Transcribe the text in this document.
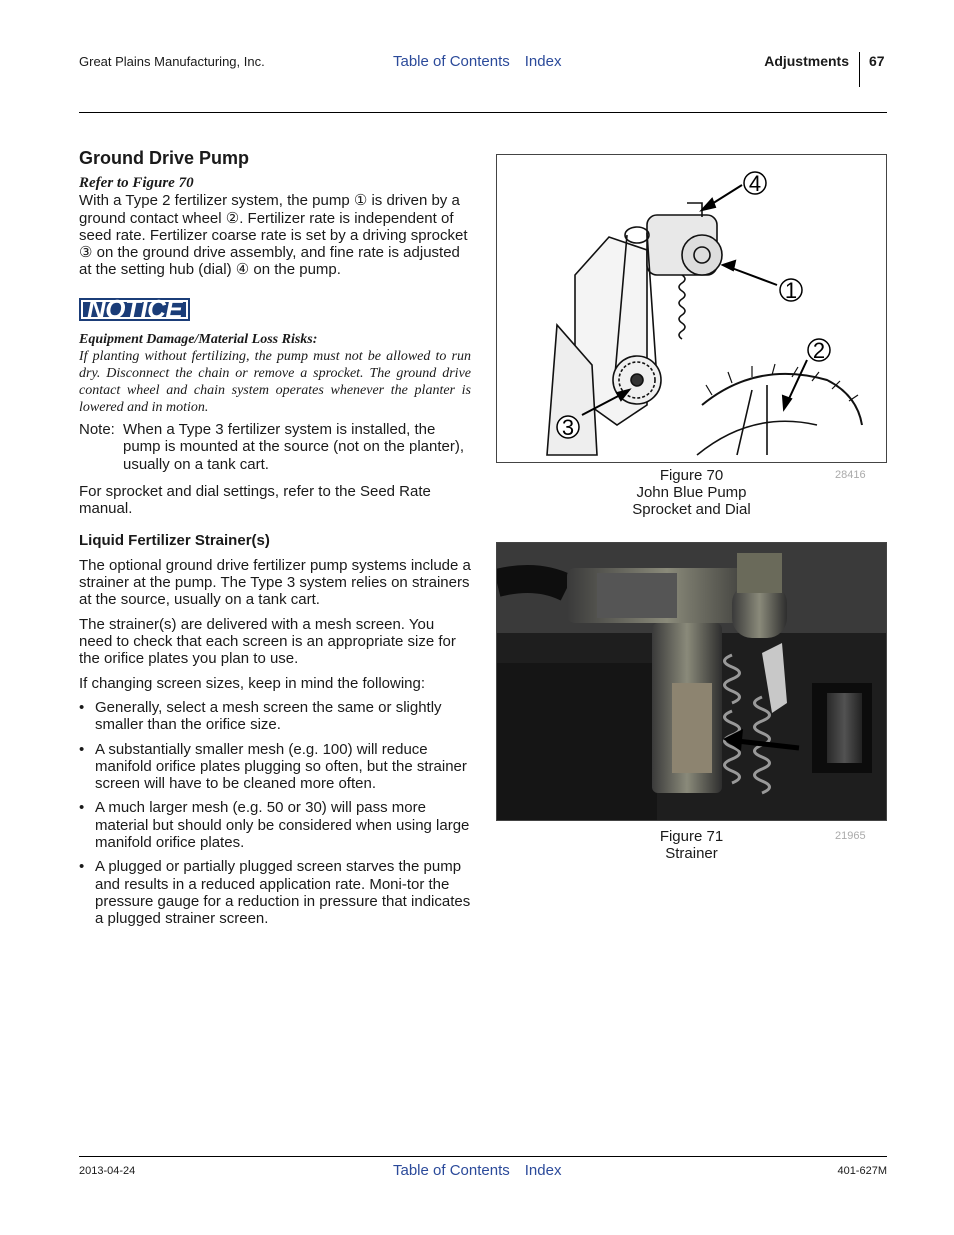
Great Plains Manufacturing, Inc.	Table of Contents Index	Adjustments 67
Ground Drive Pump
Refer to Figure 70

With a Type 2 fertilizer system, the pump ① is driven by a ground contact wheel ②. Fertilizer rate is independent of seed rate. Fertilizer coarse rate is set by a driving sprocket ③ on the ground drive assembly, and fine rate is adjusted at the setting hub (dial) ④ on the pump.

NOTICE
Equipment Damage/Material Loss Risks:

If planting without fertilizing, the pump must not be allowed to run dry. Disconnect the chain or remove a sprocket. The ground drive contact wheel and chain system operates whenever the planter is lowered and in motion.

Note: When a Type 3 fertilizer system is installed, the pump is mounted at the source (not on the planter), usually on a tank cart.

For sprocket and dial settings, refer to the Seed Rate manual.

Liquid Fertilizer Strainer(s)

The optional ground drive fertilizer pump systems include a strainer at the pump. The Type 3 system relies on strainers at the source, usually on a tank cart.

The strainer(s) are delivered with a mesh screen. You need to check that each screen is an appropriate size for the orifice plates you plan to use.

If changing screen sizes, keep in mind the following:

• Generally, select a mesh screen the same or slightly smaller than the orifice size.
• A substantially smaller mesh (e.g. 100) will reduce manifold orifice plates plugging so often, but the strainer screen will have to be cleaned more often.
• A much larger mesh (e.g. 50 or 30) will pass more material but should only be considered when using large manifold orifice plates.
• A plugged or partially plugged screen starves the pump and results in a reduced application rate. Moni-tor the pressure gauge for a reduction in pressure that indicates a plugged strainer screen.
4
1
2
3
Figure 70
John Blue Pump
Sprocket and Dial
28416
Figure 71
Strainer
21965
2013-04-24	Table of Contents Index	401-627M
